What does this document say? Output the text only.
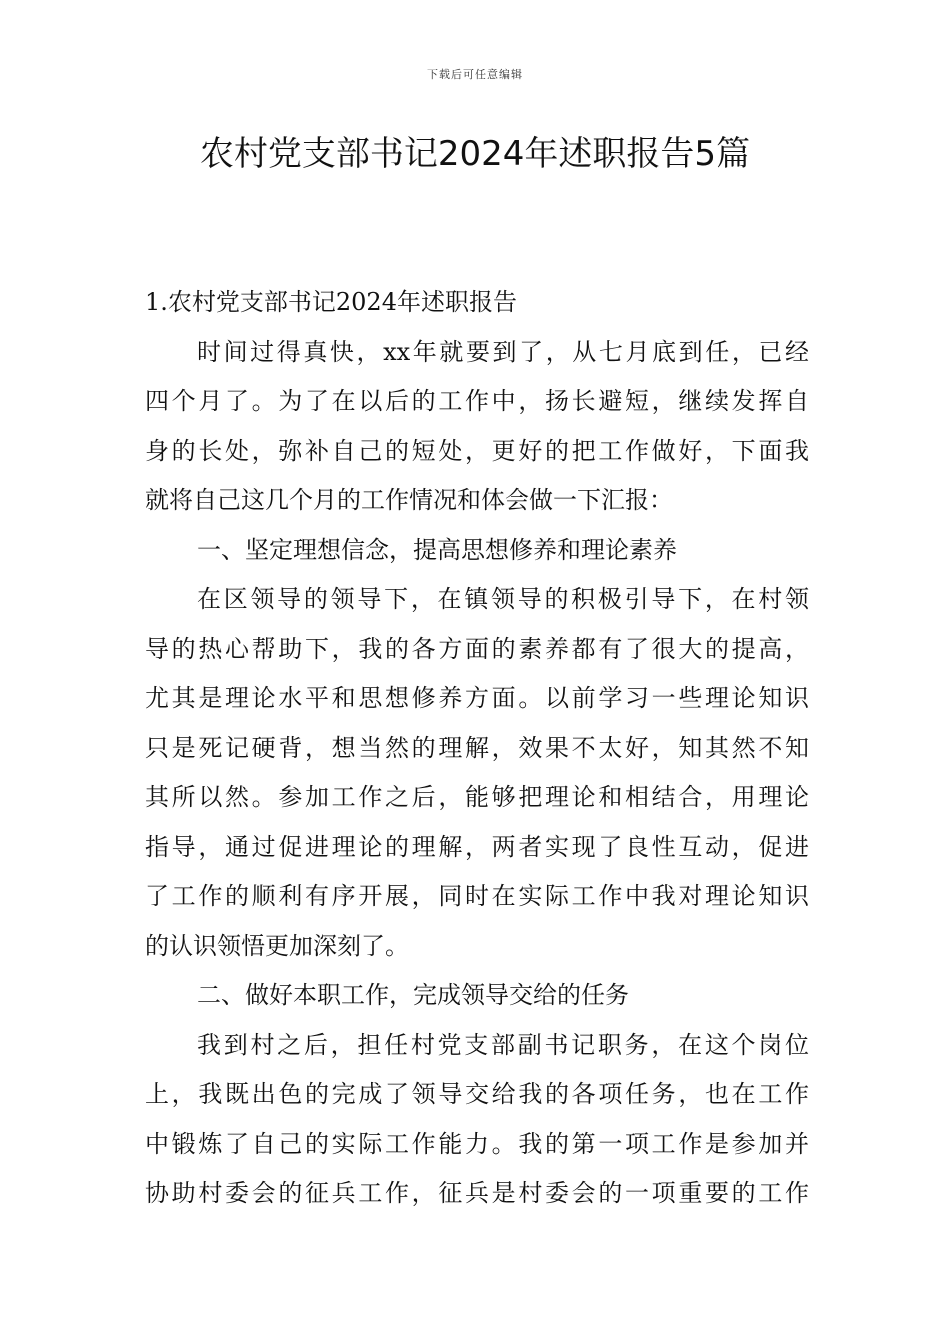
下载后可任意编辑
农村党支部书记2024年述职报告5篇

1.农村党支部书记2024年述职报告

时间过得真快，xx年就要到了，从七月底到任，已经

四个月了。为了在以后的工作中，扬长避短，继续发挥自

身的长处，弥补自己的短处，更好的把工作做好，下面我

就将自己这几个月的工作情况和体会做一下汇报：

一、坚定理想信念，提高思想修养和理论素养

在区领导的领导下，在镇领导的积极引导下，在村领

导的热心帮助下，我的各方面的素养都有了很大的提高，

尤其是理论水平和思想修养方面。以前学习一些理论知识

只是死记硬背，想当然的理解，效果不太好，知其然不知

其所以然。参加工作之后，能够把理论和相结合，用理论

指导，通过促进理论的理解，两者实现了良性互动，促进

了工作的顺利有序开展，同时在实际工作中我对理论知识

的认识领悟更加深刻了。

二、做好本职工作，完成领导交给的任务

我到村之后，担任村党支部副书记职务，在这个岗位

上，我既出色的完成了领导交给我的各项任务，也在工作

中锻炼了自己的实际工作能力。我的第一项工作是参加并

协助村委会的征兵工作，征兵是村委会的一项重要的工作
